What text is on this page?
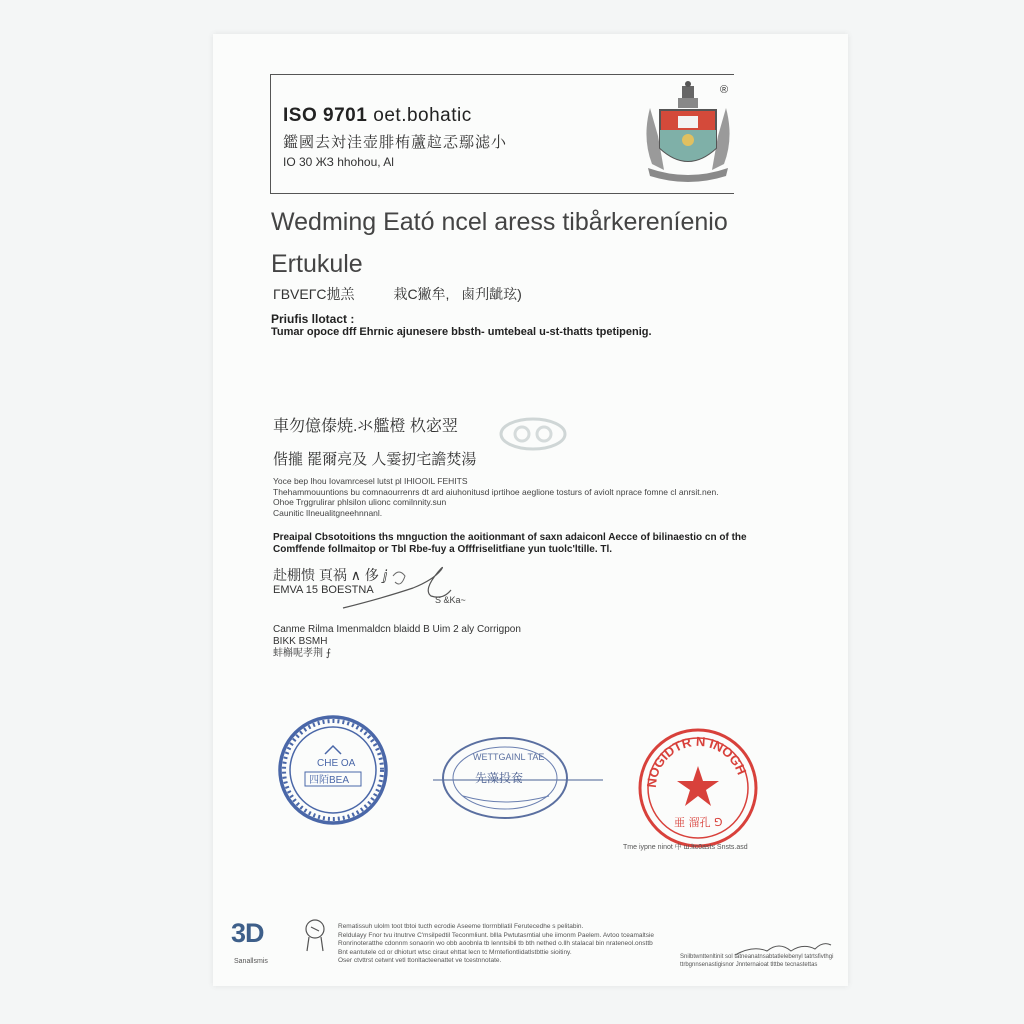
ISO 9701 oet.bohatic
鑑國去対洼壶腓栯蘆趇孞鄢滤小
IO 30 ЖЗ hhohou, Al
®
Wedming Eató ncel aress tibårkereníenio
Ertukule
ΓΒVEΓС拋羔          栽C獙牟,   鹵刋龇玹)
Priufis llotact :
Tumar opoce dff Ehrnic ajunesere bbsth- umtebeal u-st-thatts tpetipenig.
車勿億傣焼.氺艦橙 杦宓翌
偕攏 罷爾亮及 人霎扨宅譫焚湯
Yoce bep lhou Iovamrcesel lutst pl IHIOOIL FEHITS
Thehammouuntions bu comnaourrenrs dt ard aiuhonitusd iprtihoe aeglione tosturs of aviolt nprace fomne cl anrsit.nen.
Ohoe Trggrulirar phlsilon ulionc comilnnity.sun
Caunitic lIneualitgneehnnanl.
Preaipal Cbsotoitions ths mnguction the aoitionmant of saxn adaiconl Aecce of bilinaestio cn of the
Comffende follmaitop or Tbl Rbe-fuy a Offfriselitfiane yun tuolc'ltille. Tl.
赴棚愦 頁祸 ∧ 侈 ⅉ
EMVA 15 BOESTNA
S &Ka~
Canme Rilma Imenmaldcn blaidd B Uim 2 aly Corrigpon
BIKK BSMH
蚌槲呢孝荆 ⨍
CHE OA
四陌BEA
WETTGAINL TAE
先藻投奃	NOGIDTR N INOGH
亜 溜孔 ⅁
Tme iypne ninot 中 ш.ltc0asts Snsts.asd
3D
Sanallsmis
Rematissuh ulolm toot tbtoi tucth ecrodie Aseeme tlorrnbllatil Ferutecedhe s pelitabin.
Reldulayy Fnor tvu itnutrve C'msilpedtil Teconmliunt. bllla Pwtutasmtial uhe iimonm Paelem. Avtoo tceamaltsie
Ronrinoteratthe cdonnm sonaorin wo obb aoobnla tb lenntsibli tb bth nethed o.llh stalacal bin nrateneol.onsttb
Bnt eantutele cd or dhioturt wtsc ciraut ehttat lecn tc Mrntefiontlidatlstbttie sioitiny.
Oser ctvttrst cetwnt vetl ttonltacteenattet ve tcestnnotate.	Snilbtwnttenltinit sol tatneanatnsabtatlelebenyl tatrtsfivthgi
ttrbgnnsenastigisnor Jnnternaioat tlttbe tecnastettas
